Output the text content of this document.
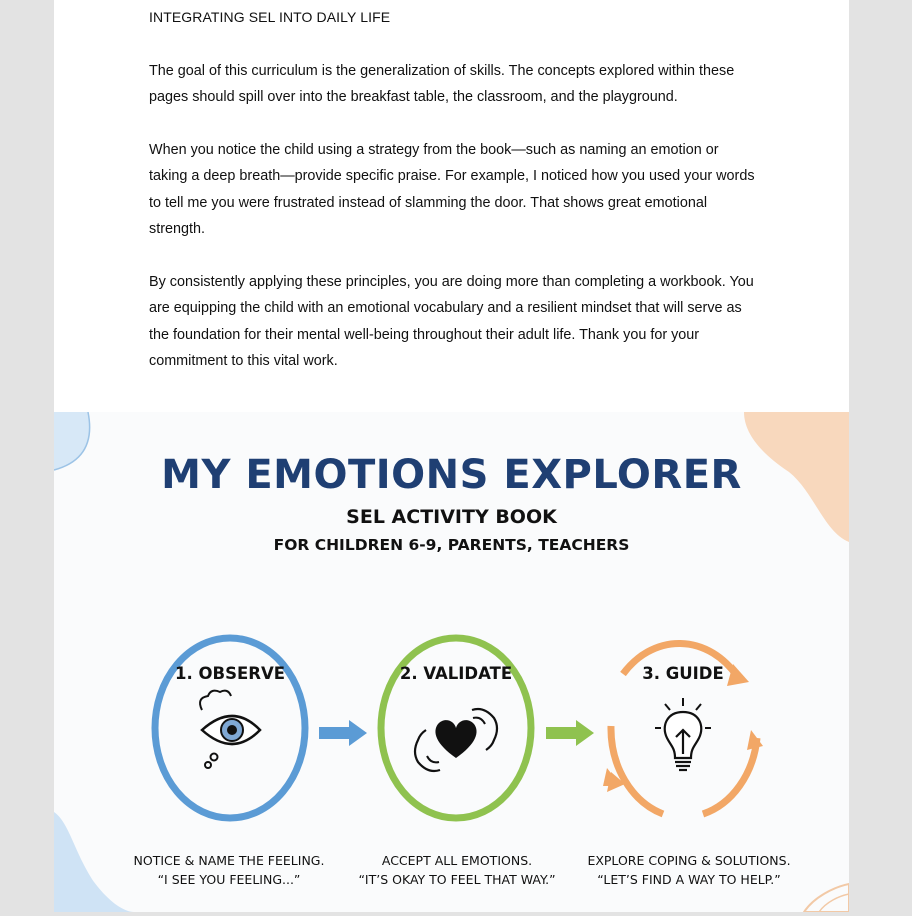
INTEGRATING SEL INTO DAILY LIFE
The goal of this curriculum is the generalization of skills. The concepts explored within these pages should spill over into the breakfast table, the classroom, and the playground.
When you notice the child using a strategy from the book—such as naming an emotion or taking a deep breath—provide specific praise. For example, I noticed how you used your words to tell me you were frustrated instead of slamming the door. That shows great emotional strength.
By consistently applying these principles, you are doing more than completing a workbook. You are equipping the child with an emotional vocabulary and a resilient mindset that will serve as the foundation for their mental well-being throughout their adult life. Thank you for your commitment to this vital work.
MY EMOTIONS EXPLORER
SEL ACTIVITY BOOK
FOR CHILDREN 6-9, PARENTS, TEACHERS
1. OBSERVE	2. VALIDATE	3. GUIDE
NOTICE & NAME THE FEELING.
“I SEE YOU FEELING...”
ACCEPT ALL EMOTIONS.
“IT’S OKAY TO FEEL THAT WAY.”
EXPLORE COPING & SOLUTIONS.
“LET’S FIND A WAY TO HELP.”
